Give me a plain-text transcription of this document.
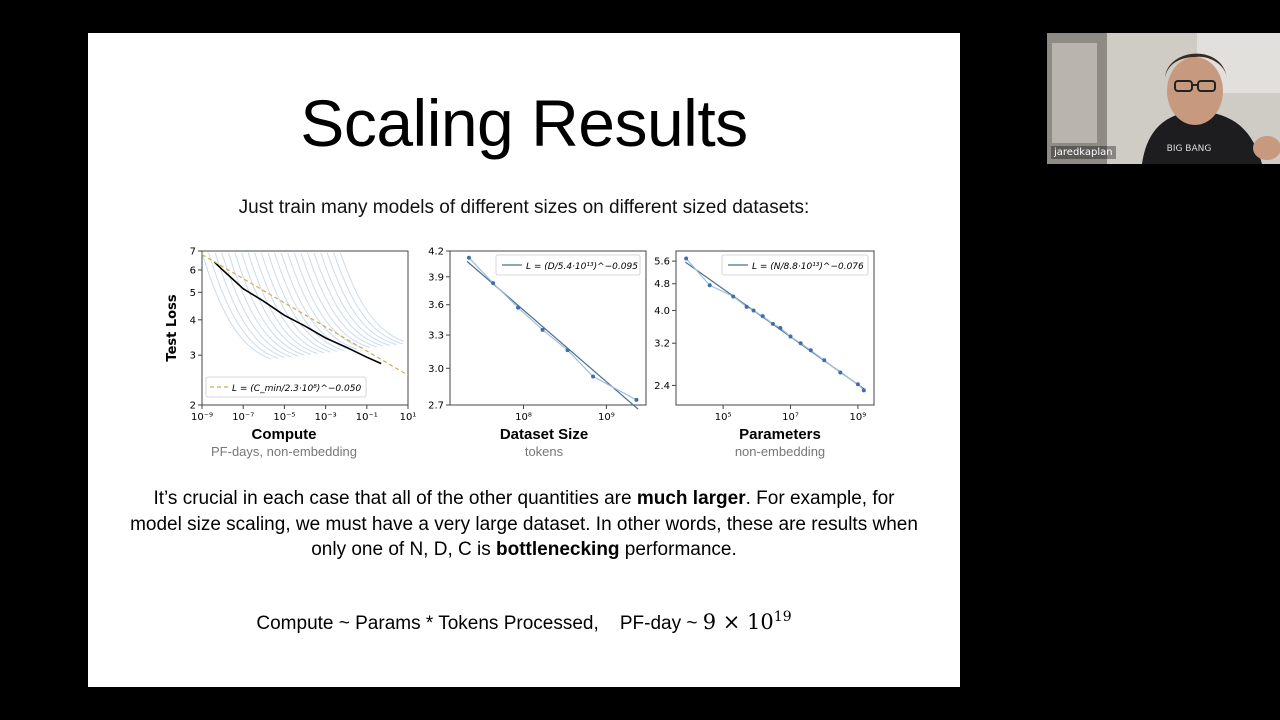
Scaling Results
Just train many models of different sizes on different sized datasets:
L = (C_min/2.3·10⁸)^−0.050
Test Loss
10⁻⁹ 10⁻⁷ 10⁻⁵ 10⁻³ 10⁻¹ 10¹
2
3
4
5
6
7
Compute
PF-days, non-embedding
L = (D/5.4·10¹³)^−0.095
10⁸	10⁹
2.7
3.0
3.3
3.6
3.9
4.2
Dataset Size
tokens
L = (N/8.8·10¹³)^−0.076
10⁵	10⁷	10⁹
2.4
3.2
4.0
4.8
5.6
Parameters
non-embedding
It’s crucial in each case that all of the other quantities are much larger. For example, for model size scaling, we must have a very large dataset. In other words, these are results when only one of N, D, C is bottlenecking performance.
Compute ~ Params * Tokens Processed,    PF-day ~ $9 \times 10^{19}$
BIG BANG
jaredkaplan
